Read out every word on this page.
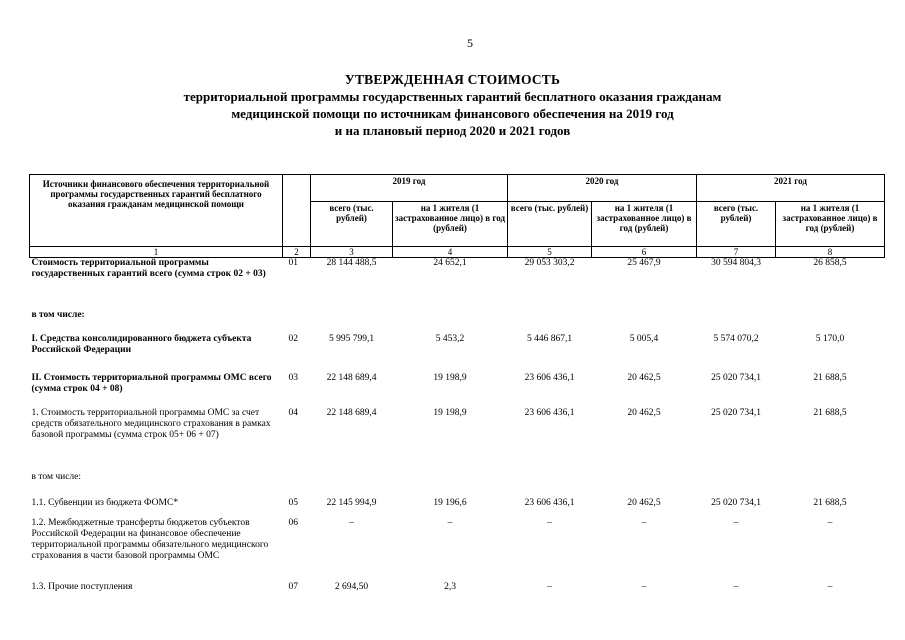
5
УТВЕРЖДЕННАЯ СТОИМОСТЬ
территориальной программы государственных гарантий бесплатного оказания гражданам
медицинской помощи по источникам финансового обеспечения на 2019 год
и на плановый период 2020 и 2021 годов
Источники финансового обеспечения территориальной программы государственных гарантий бесплатного оказания гражданам медицинской помощи		2019 год		2020 год		2021 год	
		всего (тыс. рублей)	на 1 жителя (1 застрахованное лицо) в год (рублей)	всего (тыс. рублей)	на 1 жителя (1 застрахованное лицо) в год (рублей)	всего (тыс. рублей)	на 1 жителя (1 застрахованное лицо) в год (рублей)
1	2	3	4	5	6	7	8
Стоимость территориальной программы государственных гарантий всего (сумма строк 02 + 03)	01	28 144 488,5	24 652,1	29 053 303,2	25 467,9	30 594 804,3	26 858,5
в том числе:							
I. Средства консолидированного бюджета субъекта Российской Федерации	02	5 995 799,1	5 453,2	5 446 867,1	5 005,4	5 574 070,2	5 170,0
II. Стоимость территориальной программы ОМС всего (сумма строк 04 + 08)	03	22 148 689,4	19 198,9	23 606 436,1	20 462,5	25 020 734,1	21 688,5
1. Стоимость территориальной программы ОМС за счет средств обязательного медицинского страхования в рамках базовой программы (сумма строк 05+ 06 + 07)	04	22 148 689,4	19 198,9	23 606 436,1	20 462,5	25 020 734,1	21 688,5
в том числе:							
1.1. Субвенции из бюджета ФОМС*	05	22 145 994,9	19 196,6	23 606 436,1	20 462,5	25 020 734,1	21 688,5
1.2. Межбюджетные трансферты бюджетов субъектов Российской Федерации на финансовое обеспечение территориальной программы обязательного медицинского страхования в части базовой программы ОМС	06	–	–	–	–	–	–
1.3. Прочие поступления	07	2 694,50	2,3	–	–	–	–
